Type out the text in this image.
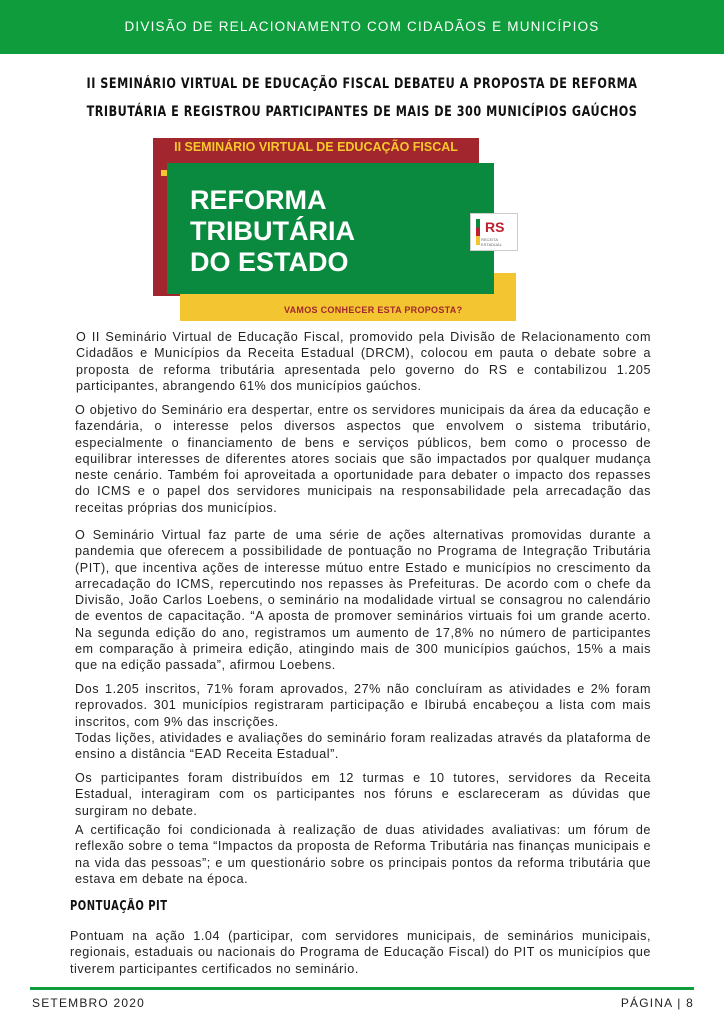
DIVISÃO DE RELACIONAMENTO COM CIDADÃOS E MUNICÍPIOS
II SEMINÁRIO VIRTUAL DE EDUCAÇÃO FISCAL DEBATEU A PROPOSTA DE REFORMA TRIBUTÁRIA E REGISTROU PARTICIPANTES DE MAIS DE 300 MUNICÍPIOS GAÚCHOS
II SEMINÁRIO VIRTUAL DE EDUCAÇÃO FISCAL
REFORMA
TRIBUTÁRIA
DO ESTADO
RS
RECEITA ESTADUAL
VAMOS CONHECER ESTA PROPOSTA?

O II Seminário Virtual de Educação Fiscal, promovido pela Divisão de Relacionamento com Cidadãos e Municípios da Receita Estadual (DRCM), colocou em pauta o debate sobre a proposta de reforma tributária apresentada pelo governo do RS e contabilizou 1.205 participantes, abrangendo 61% dos municípios gaúchos.

O objetivo do Seminário era despertar, entre os servidores municipais da área da educação e fazendária, o interesse pelos diversos aspectos que envolvem o sistema tributário, especialmente o financiamento de bens e serviços públicos, bem como o processo de equilibrar interesses de diferentes atores sociais que são impactados por qualquer mudança neste cenário. Também foi aproveitada a oportunidade para debater o impacto dos repasses do ICMS e o papel dos servidores municipais na responsabilidade pela arrecadação das receitas próprias dos municípios.

O Seminário Virtual faz parte de uma série de ações alternativas promovidas durante a pandemia que oferecem a possibilidade de pontuação no Programa de Integração Tributária (PIT), que incentiva ações de interesse mútuo entre Estado e municípios no crescimento da arrecadação do ICMS, repercutindo nos repasses às Prefeituras. De acordo com o chefe da Divisão, João Carlos Loebens, o seminário na modalidade virtual se consagrou no calendário de eventos de capacitação. “A aposta de promover seminários virtuais foi um grande acerto. Na segunda edição do ano, registramos um aumento de 17,8% no número de participantes em comparação à primeira edição, atingindo mais de 300 municípios gaúchos, 15% a mais que na edição passada”, afirmou Loebens.

Dos 1.205 inscritos, 71% foram aprovados, 27% não concluíram as atividades e 2% foram reprovados. 301 municípios registraram participação e Ibirubá encabeçou a lista com mais inscritos, com 9% das inscrições.

Todas lições, atividades e avaliações do seminário foram realizadas através da plataforma de ensino a distância “EAD Receita Estadual”.

Os participantes foram distribuídos em 12 turmas e 10 tutores, servidores da Receita Estadual, interagiram com os participantes nos fóruns e esclareceram as dúvidas que surgiram no debate.

A certificação foi condicionada à realização de duas atividades avaliativas: um fórum de reflexão sobre o tema “Impactos da proposta de Reforma Tributária nas finanças municipais e na vida das pessoas”; e um questionário sobre os principais pontos da reforma tributária que estava em debate na época.

PONTUAÇÃO PIT

Pontuam na ação 1.04 (participar, com servidores municipais, de seminários municipais, regionais, estaduais ou nacionais do Programa de Educação Fiscal) do PIT os municípios que tiverem participantes certificados no seminário.

SETEMBRO 2020	PÁGINA | 8
